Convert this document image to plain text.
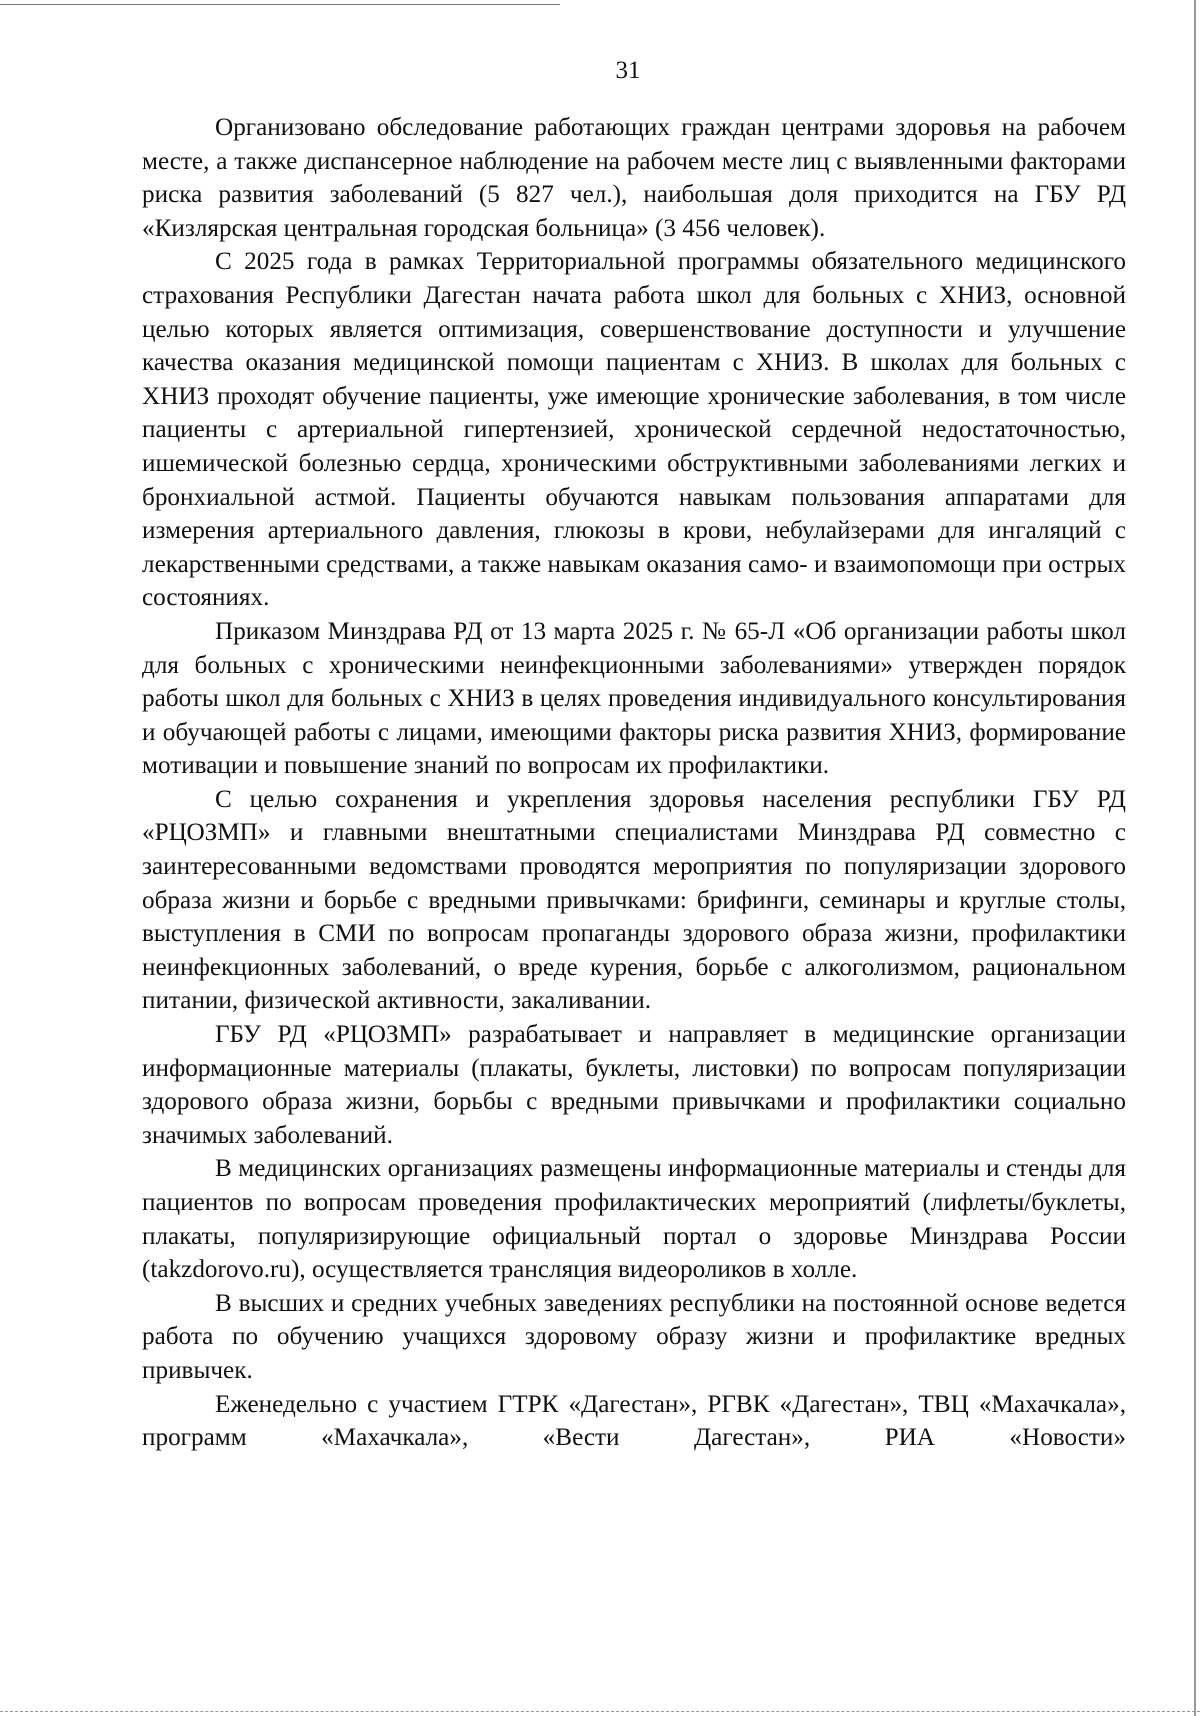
31

Организовано обследование работающих граждан центрами здоровья на рабочем месте, а также диспансерное наблюдение на рабочем месте лиц с выявленными факторами риска развития заболеваний (5 827 чел.), наибольшая доля приходится на ГБУ РД «Кизлярская центральная городская больница» (3 456 человек).

С 2025 года в рамках Территориальной программы обязательного медицинского страхования Республики Дагестан начата работа школ для больных с ХНИЗ, основной целью которых является оптимизация, совершенствование доступности и улучшение качества оказания медицинской помощи пациентам с ХНИЗ. В школах для больных с ХНИЗ проходят обучение пациенты, уже имеющие хронические заболевания, в том числе пациенты с артериальной гипертензией, хронической сердечной недостаточностью, ишемической болезнью сердца, хроническими обструктивными заболеваниями легких и бронхиальной астмой. Пациенты обучаются навыкам пользования аппаратами для измерения артериального давления, глюкозы в крови, небулайзерами для ингаляций с лекарственными средствами, а также навыкам оказания само- и взаимопомощи при острых состояниях.

Приказом Минздрава РД от 13 марта 2025 г. № 65-Л «Об организации работы школ для больных с хроническими неинфекционными заболеваниями» утвержден порядок работы школ для больных с ХНИЗ в целях проведения индивидуального консультирования и обучающей работы с лицами, имеющими факторы риска развития ХНИЗ, формирование мотивации и повышение знаний по вопросам их профилактики.

С целью сохранения и укрепления здоровья населения республики ГБУ РД «РЦОЗМП» и главными внештатными специалистами Минздрава РД совместно с заинтересованными ведомствами проводятся мероприятия по популяризации здорового образа жизни и борьбе с вредными привычками: брифинги, семинары и круглые столы, выступления в СМИ по вопросам пропаганды здорового образа жизни, профилактики неинфекционных заболеваний, о вреде курения, борьбе с алкоголизмом, рациональном питании, физической активности, закаливании.

ГБУ РД «РЦОЗМП» разрабатывает и направляет в медицинские организации информационные материалы (плакаты, буклеты, листовки) по вопросам популяризации здорового образа жизни, борьбы с вредными привычками и профилактики социально значимых заболеваний.

В медицинских организациях размещены информационные материалы и стенды для пациентов по вопросам проведения профилактических мероприятий (лифлеты/буклеты, плакаты, популяризирующие официальный портал о здоровье Минздрава России (takzdorovo.ru), осуществляется трансляция видеороликов в холле.

В высших и средних учебных заведениях республики на постоянной основе ведется работа по обучению учащихся здоровому образу жизни и профилактике вредных привычек.

Еженедельно с участием ГТРК «Дагестан», РГВК «Дагестан», ТВЦ «Махачкала», программ «Махачкала», «Вести Дагестан», РИА «Новости»
